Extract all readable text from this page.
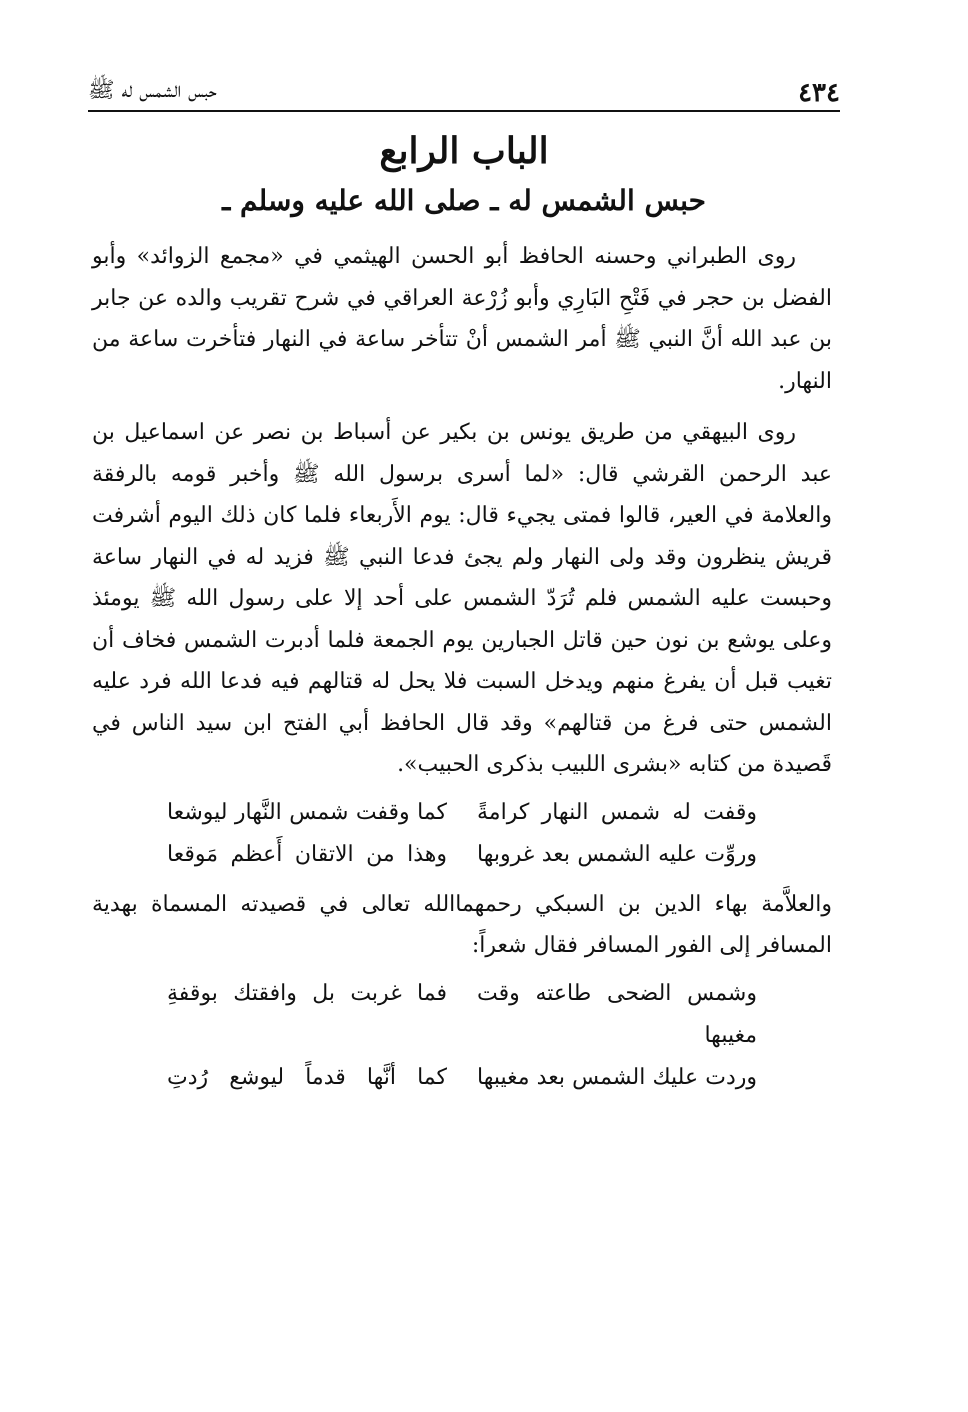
٤٣٤
حبس الشمس له ﷺ
الباب الرابع
حبس الشمس له ـ صلى الله عليه وسلم ـ

روى الطبراني وحسنه الحافظ أبو الحسن الهيثمي في «مجمع الزوائد» وأبو الفضل بن حجر في فَتْحِ البَارِي وأبو زُرْعة العراقي في شرح تقريب والده عن جابر بن عبد الله أنَّ النبي ﷺ أمر الشمس أنْ تتأخر ساعة في النهار فتأخرت ساعة من النهار.

روى البيهقي من طريق يونس بن بكير عن أسباط بن نصر عن اسماعيل بن عبد الرحمن القرشي قال: «لما أسرى برسول الله ﷺ وأخبر قومه بالرفقة والعلامة في العير، قالوا فمتى يجيء قال: يوم الأَربعاء فلما كان ذلك اليوم أشرفت قريش ينظرون وقد ولى النهار ولم يجئ فدعا النبي ﷺ فزيد له في النهار ساعة وحبست عليه الشمس فلم تُرَدّ الشمس على أحد إلا على رسول الله ﷺ يومئذ وعلى يوشع بن نون حين قاتل الجبارين يوم الجمعة فلما أدبرت الشمس فخاف أن تغيب قبل أن يفرغ منهم ويدخل السبت فلا يحل له قتالهم فيه فدعا الله فرد عليه الشمس حتى فرغ من قتالهم» وقد قال الحافظ أبي الفتح ابن سيد الناس في قَصيدة من كتابه «بشرى اللبيب بذكرى الحبيب».

وقفت له شمس النهار كرامةً
كما وقفت شمس النَّهار ليوشعا
وروِّت عليه الشمس بعد غروبها
وهذا من الاتقان أَعظم مَوقعا

والعلاَّمة بهاء الدين بن السبكي رحمهماالله تعالى في قصيدته المسماة بهدية المسافر إلى الفور المسافر فقال شعراً:

وشمس الضحى طاعته وقت مغيبها
فما غربت بل وافقتك بوقفةِ
وردت عليك الشمس بعد مغيبها
كما أنَّها قدماً ليوشع رُدتِ
